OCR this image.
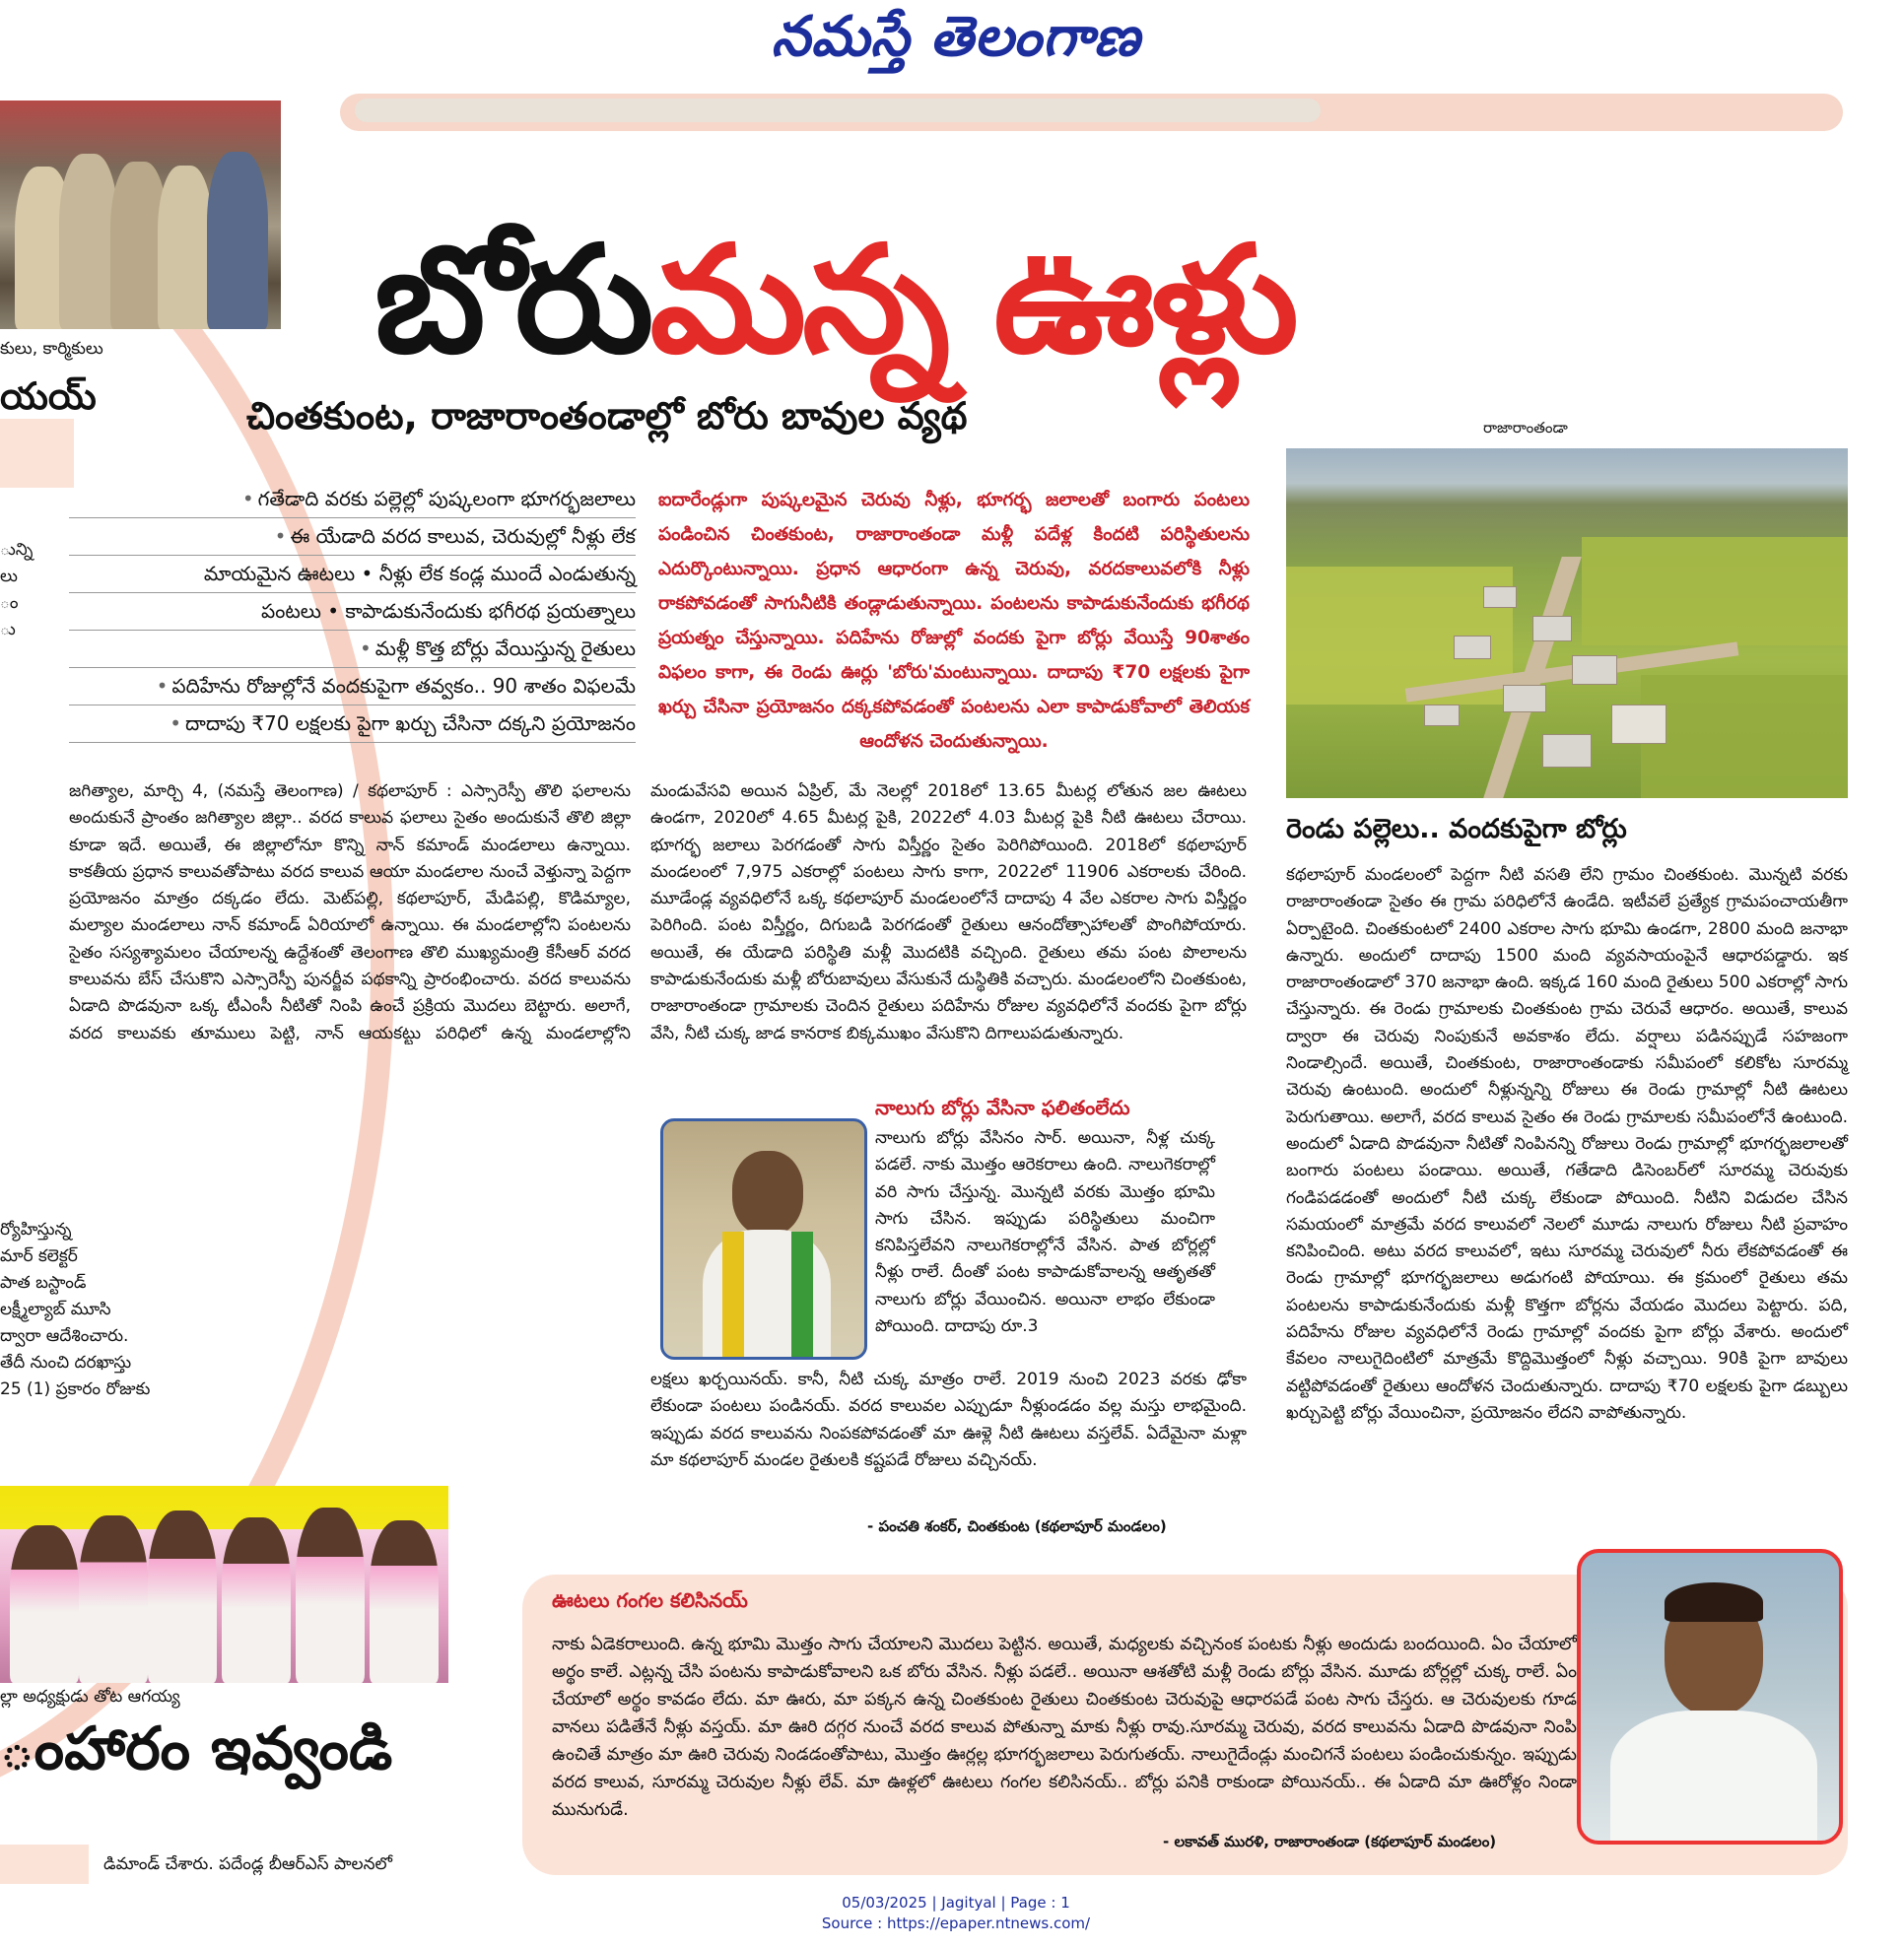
నమస్తే తెలంగాణ
కులు, కార్మికులు
యయ్
ున్ని
లు
ం
ు
ర్యోహిస్తున్న
మార్ కలెక్టర్
పాత బస్టాండ్
లక్ష్మీల్యాబ్ మూసి
ద్వారా ఆదేశించారు.
తేదీ నుంచి దరఖాస్తు
25 (1) ప్రకారం రోజుకు
ల్లా అధ్యక్షుడు తోట ఆగయ్య
ంహారం ఇవ్వండి
డిమాండ్ చేశారు. పదేండ్ల బీఆర్ఎస్ పాలనలో
బోరుమన్న ఊళ్లు
చింతకుంట, రాజారాంతండాల్లో బోరు బావుల వ్యథ
• గతేడాది వరకు పల్లెల్లో పుష్కలంగా భూగర్భజలాలు
• ఈ యేడాది వరద కాలువ, చెరువుల్లో నీళ్లు లేక
మాయమైన ఊటలు • నీళ్లు లేక కండ్ల ముందే ఎండుతున్న
పంటలు • కాపాడుకునేందుకు భగీరథ ప్రయత్నాలు
• మళ్లీ కొత్త బోర్లు వేయిస్తున్న రైతులు
• పదిహేను రోజుల్లోనే వందకుపైగా తవ్వకం.. 90 శాతం విఫలమే
• దాదాపు ₹70 లక్షలకు పైగా ఖర్చు చేసినా దక్కని ప్రయోజనం
ఐదారేండ్లుగా పుష్కలమైన చెరువు నీళ్లు, భూగర్భ జలాలతో బంగారు పంటలు పండించిన చింతకుంట, రాజారాంతండా మళ్లీ పదేళ్ల కిందటి పరిస్థితులను ఎదుర్కొంటున్నాయి. ప్రధాన ఆధారంగా ఉన్న చెరువు, వరదకాలువలోకి నీళ్లు రాకపోవడంతో సాగునీటికి తండ్లాడుతున్నాయి. పంటలను కాపాడుకునేందుకు భగీరథ ప్రయత్నం చేస్తున్నాయి. పదిహేను రోజుల్లో వందకు పైగా బోర్లు వేయిస్తే 90శాతం విఫలం కాగా, ఈ రెండు ఊర్లు 'బోరు'మంటున్నాయి. దాదాపు ₹70 లక్షలకు పైగా ఖర్చు చేసినా ప్రయోజనం దక్కకపోవడంతో పంటలను ఎలా కాపాడుకోవాలో తెలియక ఆందోళన చెందుతున్నాయి.
రాజారాంతండా
రెండు పల్లెలు.. వందకుపైగా బోర్లు
జగిత్యాల, మార్చి 4, (నమస్తే తెలంగాణ) / కథలాపూర్ : ఎస్సారెస్పీ తొలి ఫలాలను అందుకునే ప్రాంతం జగిత్యాల జిల్లా.. వరద కాలువ ఫలాలు సైతం అందుకునే తొలి జిల్లా కూడా ఇదే. అయితే, ఈ జిల్లాలోనూ కొన్ని నాన్ కమాండ్ మండలాలు ఉన్నాయి. కాకతీయ ప్రధాన కాలువతోపాటు వరద కాలువ ఆయా మండలాల నుంచే వెళ్తున్నా పెద్దగా ప్రయోజనం మాత్రం దక్కడం లేదు. మెట్‌పల్లి, కథలాపూర్, మేడిపల్లి, కొడిమ్యాల, మల్యాల మండలాలు నాన్ కమాండ్ ఏరియాలో ఉన్నాయి. ఈ మండలాల్లోని పంటలను సైతం సస్యశ్యామలం చేయాలన్న ఉద్దేశంతో తెలంగాణ తొలి ముఖ్యమంత్రి కేసీఆర్ వరద కాలువను బేస్ చేసుకొని ఎస్సారెస్పీ పునర్జీవ పథకాన్ని ప్రారంభించారు. వరద కాలువను ఏడాది పొడవునా ఒక్క టీఎంసీ నీటితో నింపి ఉంచే ప్రక్రియ మొదలు బెట్టారు. అలాగే, వరద కాలువకు తూములు పెట్టి, నాన్ ఆయకట్టు పరిధిలో ఉన్న మండలాల్లోని
మండువేసవి అయిన ఏప్రిల్, మే నెలల్లో 2018లో 13.65 మీటర్ల లోతున జల ఊటలు ఉండగా, 2020లో 4.65 మీటర్ల పైకి, 2022లో 4.03 మీటర్ల పైకి నీటి ఊటలు చేరాయి. భూగర్భ జలాలు పెరగడంతో సాగు విస్తీర్ణం సైతం పెరిగిపోయింది. 2018లో కథలాపూర్ మండలంలో 7,975 ఎకరాల్లో పంటలు సాగు కాగా, 2022లో 11906 ఎకరాలకు చేరింది. మూడేండ్ల వ్యవధిలోనే ఒక్క కథలాపూర్ మండలంలోనే దాదాపు 4 వేల ఎకరాల సాగు విస్తీర్ణం పెరిగింది. పంట విస్తీర్ణం, దిగుబడి పెరగడంతో రైతులు ఆనందోత్సాహాలతో పొంగిపోయారు. అయితే, ఈ యేడాది పరిస్థితి మళ్లీ మొదటికి వచ్చింది. రైతులు తమ పంట పొలాలను కాపాడుకునేందుకు మళ్లీ బోరుబావులు వేసుకునే దుస్థితికి వచ్చారు. మండలంలోని చింతకుంట, రాజారాంతండా గ్రామాలకు చెందిన రైతులు పదిహేను రోజుల వ్యవధిలోనే వందకు పైగా బోర్లు వేసి, నీటి చుక్క జాడ కానరాక బిక్కముఖం వేసుకొని దిగాలుపడుతున్నారు.
నాలుగు బోర్లు వేసినా ఫలితంలేదు
నాలుగు బోర్లు వేసినం సార్. అయినా, నీళ్ల చుక్క పడలే. నాకు మొత్తం ఆరెకరాలు ఉంది. నాలుగెకరాల్లో వరి సాగు చేస్తున్న. మొన్నటి వరకు మొత్తం భూమి సాగు చేసిన. ఇప్పుడు పరిస్థితులు మంచిగా కనిపిస్తలేవని నాలుగెకరాల్లోనే వేసిన. పాత బోర్లల్లో నీళ్లు రాలే. దీంతో పంట కాపాడుకోవాలన్న ఆతృతతో నాలుగు బోర్లు వేయించిన. అయినా లాభం లేకుండా పోయింది. దాదాపు రూ.3
లక్షలు ఖర్చయినయ్. కానీ, నీటి చుక్క మాత్రం రాలే. 2019 నుంచి 2023 వరకు ఢోకా లేకుండా పంటలు పండినయ్. వరద కాలువల ఎప్పుడూ నీళ్లుండడం వల్ల మస్తు లాభమైంది. ఇప్పుడు వరద కాలువను నింపకపోవడంతో మా ఊళ్లె నీటి ఊటలు వస్తలేవ్. ఏదేమైనా మళ్లా మా కథలాపూర్ మండల రైతులకి కష్టపడే రోజులు వచ్చినయ్.
- పంచతి శంకర్, చింతకుంట (కథలాపూర్ మండలం)
కథలాపూర్ మండలంలో పెద్దగా నీటి వసతి లేని గ్రామం చింతకుంట. మొన్నటి వరకు రాజారాంతండా సైతం ఈ గ్రామ పరిధిలోనే ఉండేది. ఇటీవలే ప్రత్యేక గ్రామపంచాయతీగా ఏర్పాటైంది. చింతకుంటలో 2400 ఎకరాల సాగు భూమి ఉండగా, 2800 మంది జనాభా ఉన్నారు. అందులో దాదాపు 1500 మంది వ్యవసాయంపైనే ఆధారపడ్డారు. ఇక రాజారాంతండాలో 370 జనాభా ఉంది. ఇక్కడ 160 మంది రైతులు 500 ఎకరాల్లో సాగు చేస్తున్నారు. ఈ రెండు గ్రామాలకు చింతకుంట గ్రామ చెరువే ఆధారం. అయితే, కాలువ ద్వారా ఈ చెరువు నింపుకునే అవకాశం లేదు. వర్షాలు పడినప్పుడే సహజంగా నిండాల్సిందే. అయితే, చింతకుంట, రాజారాంతండాకు సమీపంలో కలికోట సూరమ్మ చెరువు ఉంటుంది. అందులో నీళ్లున్నన్ని రోజులు ఈ రెండు గ్రామాల్లో నీటి ఊటలు పెరుగుతాయి. అలాగే, వరద కాలువ సైతం ఈ రెండు గ్రామాలకు సమీపంలోనే ఉంటుంది. అందులో ఏడాది పొడవునా నీటితో నింపినన్ని రోజులు రెండు గ్రామాల్లో భూగర్భజలాలతో బంగారు పంటలు పండాయి. అయితే, గతేడాది డిసెంబర్‌లో సూరమ్మ చెరువుకు గండిపడడంతో అందులో నీటి చుక్క లేకుండా పోయింది. నీటిని విడుదల చేసిన సమయంలో మాత్రమే వరద కాలువలో నెలలో మూడు నాలుగు రోజులు నీటి ప్రవాహం కనిపించింది. అటు వరద కాలువలో, ఇటు సూరమ్మ చెరువులో నీరు లేకపోవడంతో ఈ రెండు గ్రామాల్లో భూగర్భజలాలు అడుగంటి పోయాయి. ఈ క్రమంలో రైతులు తమ పంటలను కాపాడుకునేందుకు మళ్లీ కొత్తగా బోర్లను వేయడం మొదలు పెట్టారు. పది, పదిహేను రోజుల వ్యవధిలోనే రెండు గ్రామాల్లో వందకు పైగా బోర్లు వేశారు. అందులో కేవలం నాలుగైదింటిలో మాత్రమే కొద్దిమొత్తంలో నీళ్లు వచ్చాయి. 90కి పైగా బావులు వట్టిపోవడంతో రైతులు ఆందోళన చెందుతున్నారు. దాదాపు ₹70 లక్షలకు పైగా డబ్బులు ఖర్చుపెట్టి బోర్లు వేయించినా, ప్రయోజనం లేదని వాపోతున్నారు.
ఊటలు గంగల కలిసినయ్
నాకు ఏడెకరాలుంది. ఉన్న భూమి మొత్తం సాగు చేయాలని మొదలు పెట్టిన. అయితే, మధ్యలకు వచ్చినంక పంటకు నీళ్లు అందుడు బందయింది. ఏం చేయాలో అర్థం కాలే. ఎట్లన్న చేసి పంటను కాపాడుకోవాలని ఒక బోరు వేసిన. నీళ్లు పడలే.. అయినా ఆశతోటి మళ్లీ రెండు బోర్లు వేసిన. మూడు బోర్లల్లో చుక్క రాలే. ఏం చేయాలో అర్థం కావడం లేదు. మా ఊరు, మా పక్కన ఉన్న చింతకుంట రైతులు చింతకుంట చెరువుపై ఆధారపడే పంట సాగు చేస్తరు. ఆ చెరువులకు గూడ వానలు పడితేనే నీళ్లు వస్తయ్. మా ఊరి దగ్గర నుంచే వరద కాలువ పోతున్నా మాకు నీళ్లు రావు.సూరమ్మ చెరువు, వరద కాలువను ఏడాది పొడవునా నింపి ఉంచితే మాత్రం మా ఊరి చెరువు నిండడంతోపాటు, మొత్తం ఊర్లల్ల భూగర్భజలాలు పెరుగుతయ్. నాలుగైదేండ్లు మంచిగనే పంటలు పండించుకున్నం. ఇప్పుడు వరద కాలువ, సూరమ్మ చెరువుల నీళ్లు లేవ్. మా ఊళ్లలో ఊటలు గంగల కలిసినయ్.. బోర్లు పనికి రాకుండా పోయినయ్.. ఈ ఏడాది మా ఊరోళ్లం నిండా మునుగుడే.
- లకావత్ మురళి, రాజారాంతండా (కథలాపూర్ మండలం)
05/03/2025 | Jagityal | Page : 1
Source : https://epaper.ntnews.com/
